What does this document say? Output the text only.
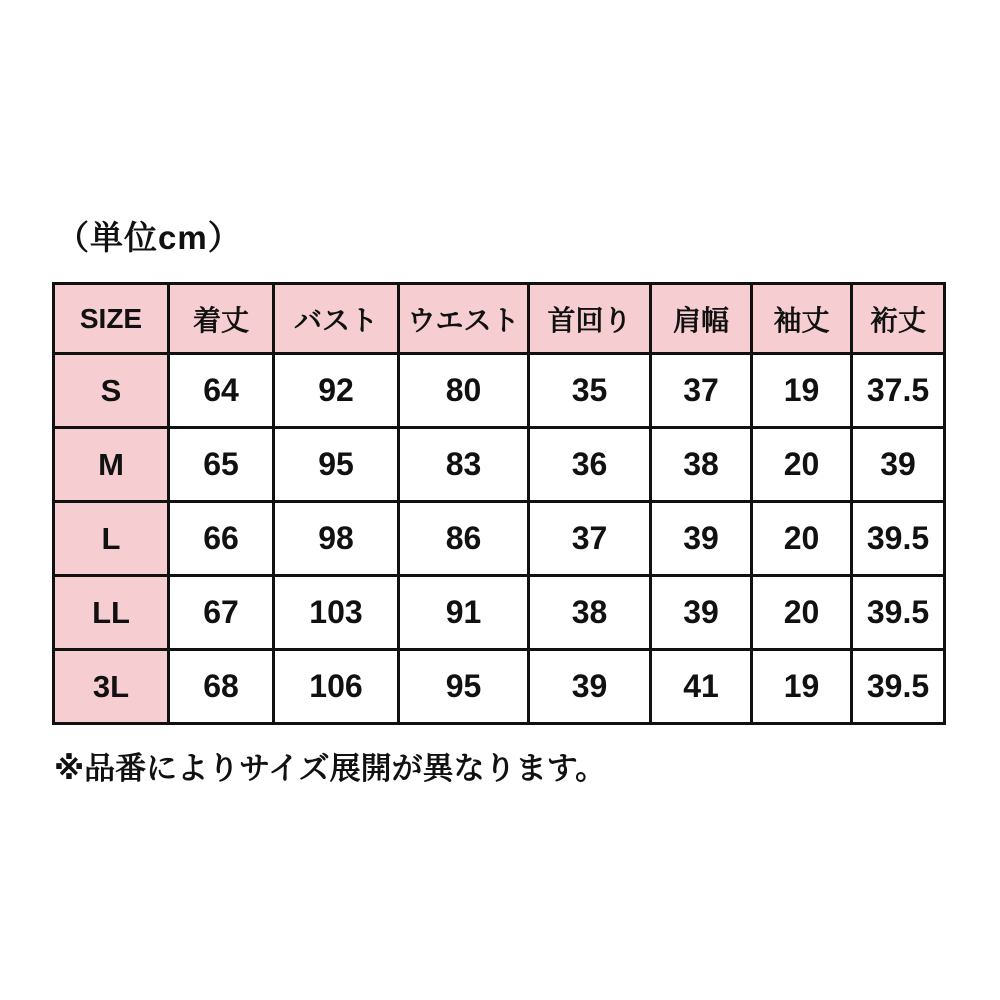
（単位cm）
SIZE	着丈	バスト	ウエスト	首回り	肩幅	袖丈	裄丈
S	64	92	80	35	37	19	37.5
M	65	95	83	36	38	20	39
L	66	98	86	37	39	20	39.5
LL	67	103	91	38	39	20	39.5
3L	68	106	95	39	41	19	39.5
※品番によりサイズ展開が異なります。
